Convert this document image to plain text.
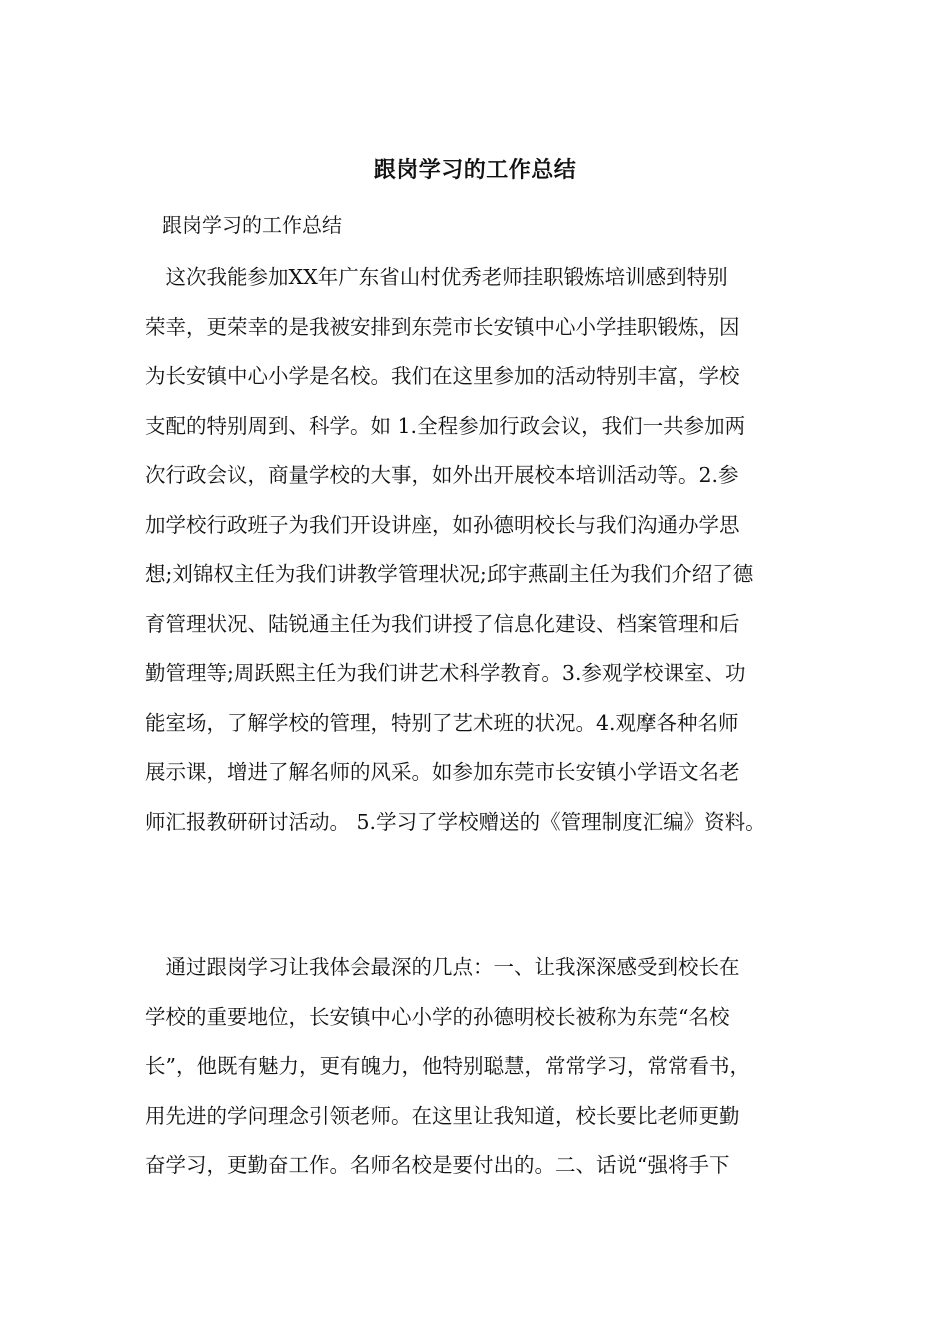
跟岗学习的工作总结
跟岗学习的工作总结
　这次我能参加XX年广东省山村优秀老师挂职锻炼培训感到特别
荣幸，更荣幸的是我被安排到东莞市长安镇中心小学挂职锻炼，因
为长安镇中心小学是名校。我们在这里参加的活动特别丰富，学校
支配的特别周到、科学。如 1.全程参加行政会议，我们一共参加两
次行政会议，商量学校的大事，如外出开展校本培训活动等。2.参
加学校行政班子为我们开设讲座，如孙德明校长与我们沟通办学思
想;刘锦权主任为我们讲教学管理状况;邱宇燕副主任为我们介绍了德
育管理状况、陆锐通主任为我们讲授了信息化建设、档案管理和后
勤管理等;周跃熙主任为我们讲艺术科学教育。3.参观学校课室、功
能室场，了解学校的管理，特别了艺术班的状况。4.观摩各种名师
展示课，增进了解名师的风采。如参加东莞市长安镇小学语文名老
师汇报教研研讨活动。 5.学习了学校赠送的《管理制度汇编》资料。
　通过跟岗学习让我体会最深的几点：一、让我深深感受到校长在
学校的重要地位，长安镇中心小学的孙德明校长被称为东莞“名校
长”，他既有魅力，更有魄力，他特别聪慧，常常学习，常常看书，
用先进的学问理念引领老师。在这里让我知道，校长要比老师更勤
奋学习，更勤奋工作。名师名校是要付出的。二、话说“强将手下
